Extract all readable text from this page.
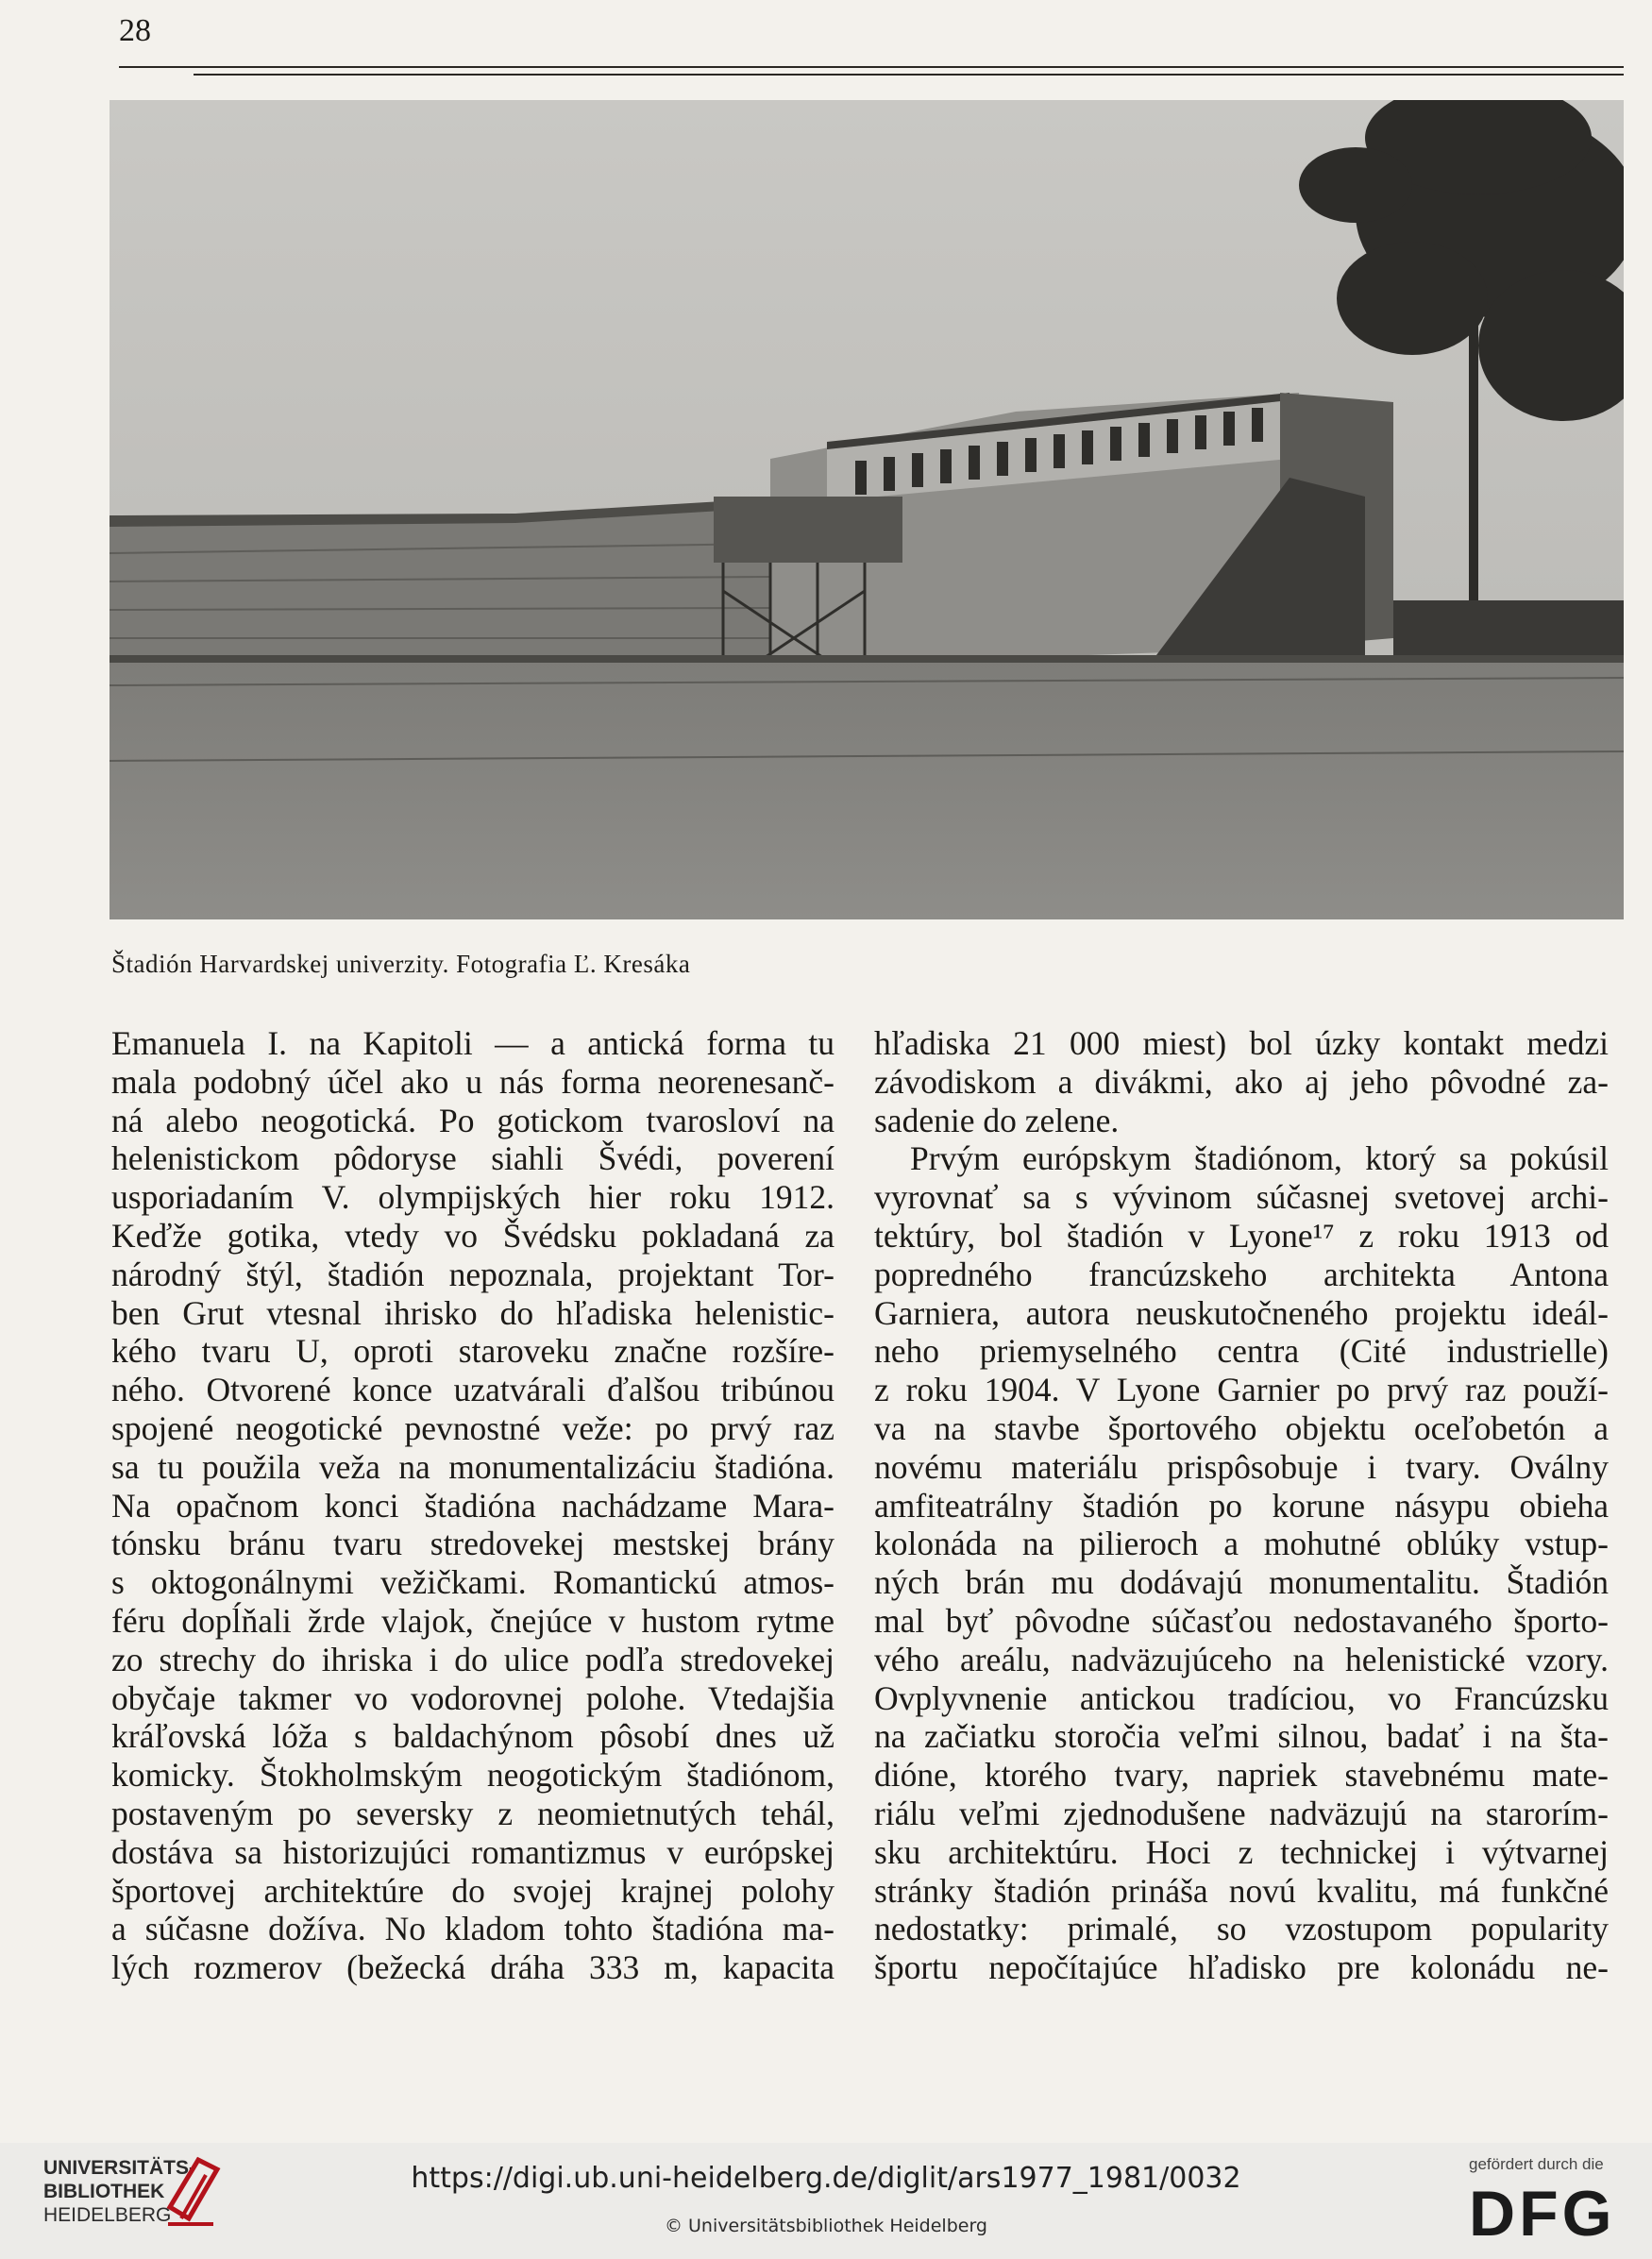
28
Štadión Harvardskej univerzity. Fotografia Ľ. Kresáka
Emanuela I. na Kapitoli — a antická forma tu
mala podobný účel ako u nás forma neorenesanč-
ná alebo neogotická. Po gotickom tvarosloví na
helenistickom pôdoryse siahli Švédi, poverení
usporiadaním V. olympijských hier roku 1912.
Keďže gotika, vtedy vo Švédsku pokladaná za
národný štýl, štadión nepoznala, projektant Tor-
ben Grut vtesnal ihrisko do hľadiska helenistic-
kého tvaru U, oproti staroveku značne rozšíre-
ného. Otvorené konce uzatvárali ďalšou tribúnou
spojené neogotické pevnostné veže: po prvý raz
sa tu použila veža na monumentalizáciu štadióna.
Na opačnom konci štadióna nachádzame Mara-
tónsku bránu tvaru stredovekej mestskej brány
s oktogonálnymi vežičkami. Romantickú atmos-
féru dopĺňali žrde vlajok, čnejúce v hustom rytme
zo strechy do ihriska i do ulice podľa stredovekej
obyčaje takmer vo vodorovnej polohe. Vtedajšia
kráľovská lóža s baldachýnom pôsobí dnes už
komicky. Štokholmským neogotickým štadiónom,
postaveným po seversky z neomietnutých tehál,
dostáva sa historizujúci romantizmus v európskej
športovej architektúre do svojej krajnej polohy
a súčasne dožíva. No kladom tohto štadióna ma-
lých rozmerov (bežecká dráha 333 m, kapacita
hľadiska 21 000 miest) bol úzky kontakt medzi
závodiskom a divákmi, ako aj jeho pôvodné za-
sadenie do zelene.
Prvým európskym štadiónom, ktorý sa pokúsil
vyrovnať sa s vývinom súčasnej svetovej archi-
tektúry, bol štadión v Lyone¹⁷ z roku 1913 od
popredného francúzskeho architekta Antona
Garniera, autora neuskutočneného projektu ideál-
neho priemyselného centra (Cité industrielle)
z roku 1904. V Lyone Garnier po prvý raz použí-
va na stavbe športového objektu oceľobetón a
novému materiálu prispôsobuje i tvary. Oválny
amfiteatrálny štadión po korune násypu obieha
kolonáda na pilieroch a mohutné oblúky vstup-
ných brán mu dodávajú monumentalitu. Štadión
mal byť pôvodne súčasťou nedostavaného športo-
vého areálu, nadväzujúceho na helenistické vzory.
Ovplyvnenie antickou tradíciou, vo Francúzsku
na začiatku storočia veľmi silnou, badať i na šta-
dióne, ktorého tvary, napriek stavebnému mate-
riálu veľmi zjednodušene nadväzujú na starorím-
sku architektúru. Hoci z technickej i výtvarnej
stránky štadión prináša novú kvalitu, má funkčné
nedostatky: primalé, so vzostupom popularity
športu nepočítajúce hľadisko pre kolonádu ne-
UNIVERSITÄTS-
BIBLIOTHEK
HEIDELBERG
https://digi.ub.uni-heidelberg.de/diglit/ars1977_1981/0032
© Universitätsbibliothek Heidelberg
gefördert durch die
DFG
